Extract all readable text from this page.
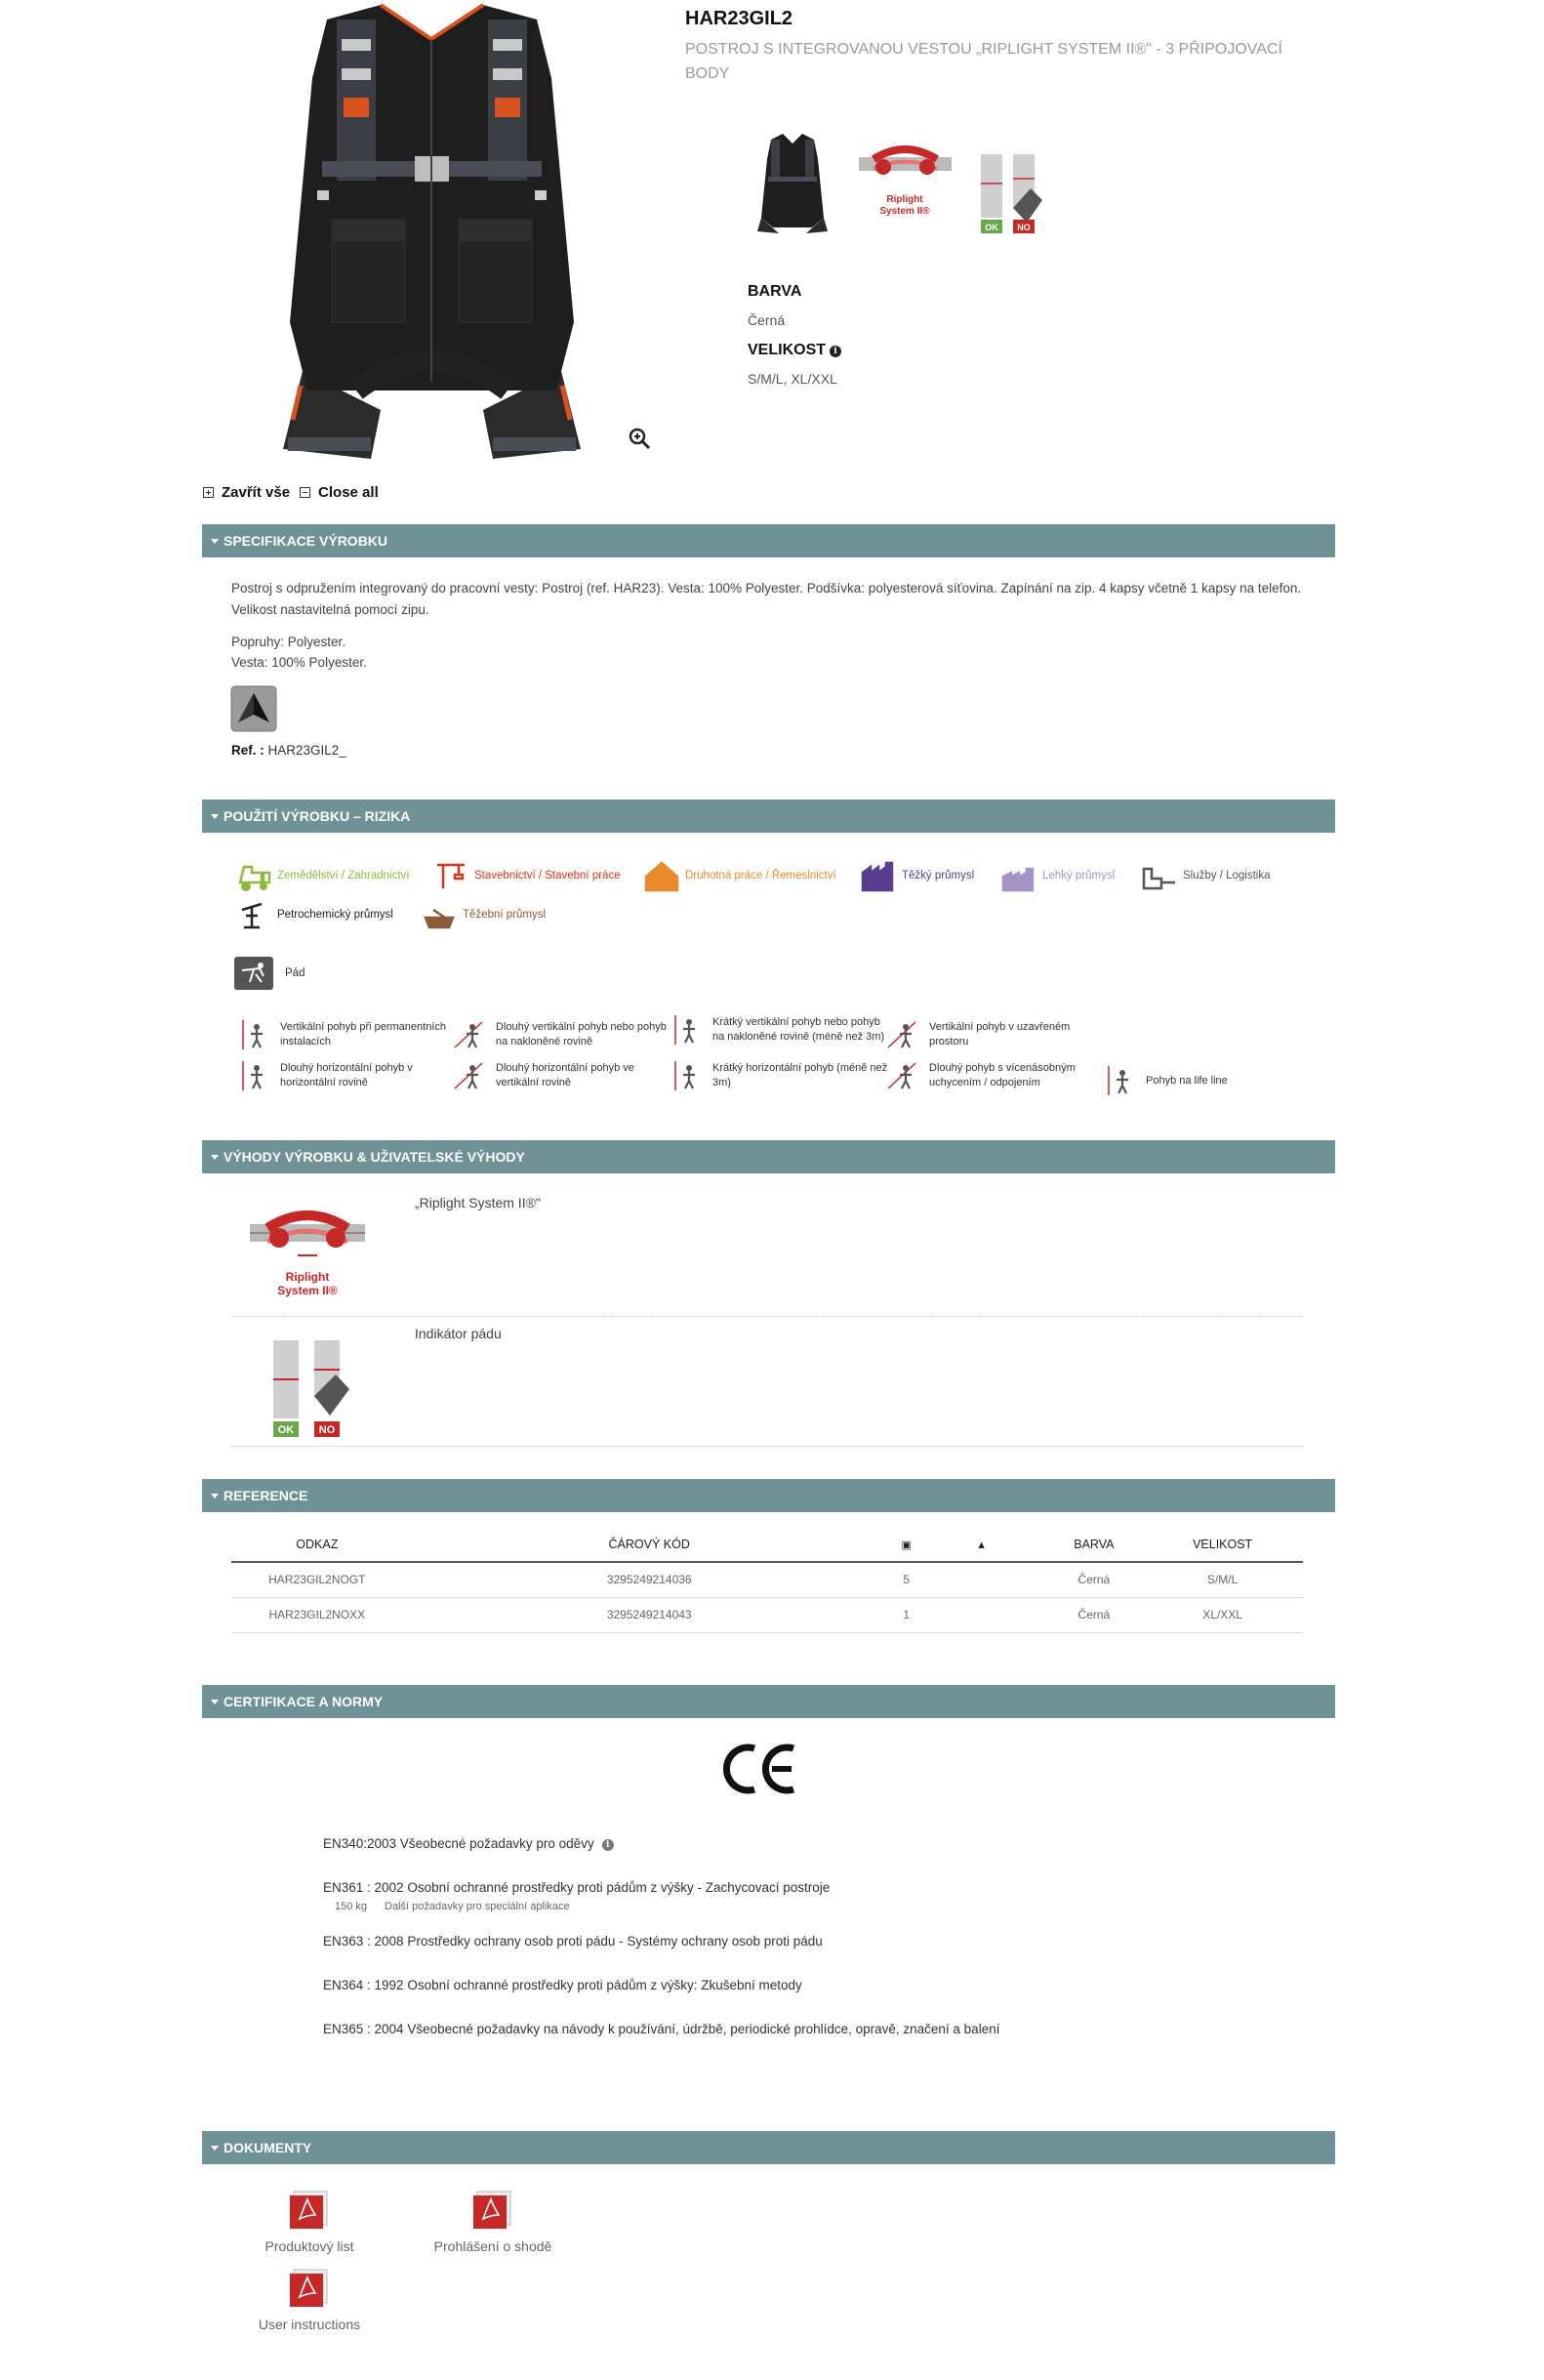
HAR23GIL2
POSTROJ S INTEGROVANOU VESTOU „RIPLIGHT SYSTEM II®" - 3 PŘIPOJOVACÍ BODY
Riplight
System II®
OK NO
BARVA
Černá
VELIKOST i
S/M/L, XL/XXL
Zavřít vše Close all
SPECIFIKACE VÝROBKU
Postroj s odpružením integrovaný do pracovní vesty: Postroj (ref. HAR23). Vesta: 100% Polyester. Podšívka: polyesterová síťovina. Zapínání na zip. 4 kapsy včetně 1 kapsy na telefon. Velikost nastavitelná pomocí zipu.
Popruhy: Polyester.
Vesta: 100% Polyester.
Ref. : HAR23GIL2_
POUŽITÍ VÝROBKU – RIZIKA
Zemědělství / Zahradnictví	Stavebnictví / Stavební práce	Druhotná práce / Řemeslnictví	Těžký průmysl	Lehký průmysl	Služby / Logistika
Petrochemický průmysl	Těžební průmysl
Pád
Vertikální pohyb při permanentních instalacích
Dlouhý vertikální pohyb nebo pohyb na nakloněné rovině
Krátký vertikální pohyb nebo pohyb na nakloněné rovině (méně než 3m)
Vertikální pohyb v uzavřeném prostoru
Dlouhý horizontální pohyb v horizontální rovině
Dlouhý horizontální pohyb ve vertikální rovině
Krátký horizontální pohyb (méně než 3m)
Dlouhý pohyb s vícenásobným uchycením / odpojením	Pohyb na life line
VÝHODY VÝROBKU & UŽIVATELSKÉ VÝHODY
Riplight
System II®
„Riplight System II®"
OK NO
Indikátor pádu
REFERENCE
ODKAZ	ČÁROVÝ KÓD	▣	▲	BARVA	VELIKOST
HAR23GIL2NOGT	3295249214036	5		Černá	S/M/L
HAR23GIL2NOXX	3295249214043	1		Černá	XL/XXL
CERTIFIKACE A NORMY
EN340:2003 Všeobecné požadavky pro oděvy i
EN361 : 2002 Osobní ochranné prostředky proti pádům z výšky - Zachycovací postroje
150 kg Další požadavky pro speciální aplikace
EN363 : 2008 Prostředky ochrany osob proti pádu - Systémy ochrany osob proti pádu
EN364 : 1992 Osobní ochranné prostředky proti pádům z výšky: Zkušební metody
EN365 : 2004 Všeobecné požadavky na návody k používání, údržbě, periodické prohlídce, opravě, značení a balení
DOKUMENTY
Produktový list	Prohlášení o shodě
User instructions
